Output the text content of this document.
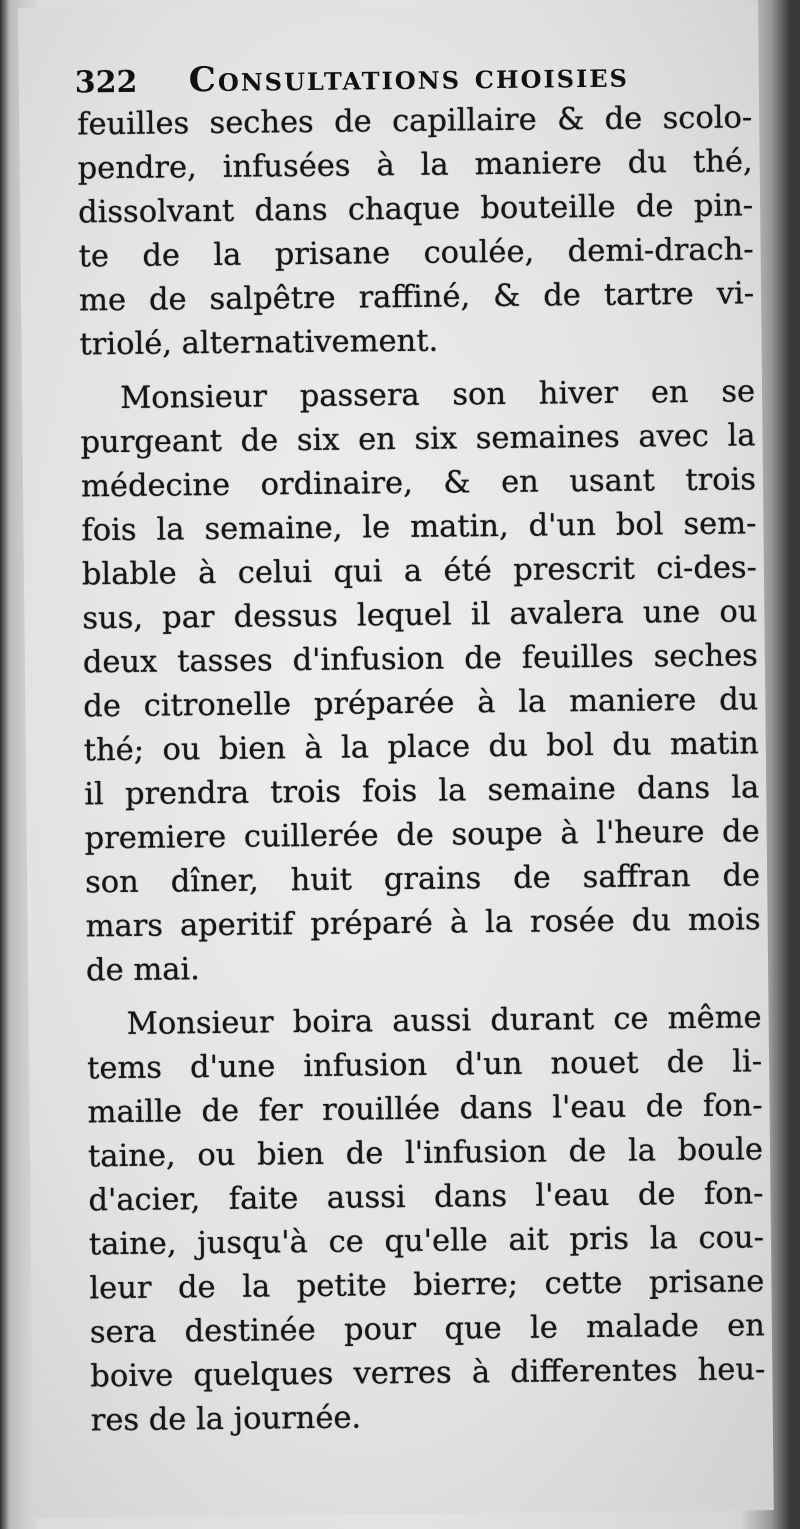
322 Consultations choisies
feuilles seches de capillaire & de scolo-
pendre, infusées à la maniere du thé,
dissolvant dans chaque bouteille de pin-
te de la prisane coulée, demi-drach-
me de salpêtre raffiné, & de tartre vi-
triolé, alternativement.
Monsieur passera son hiver en se
purgeant de six en six semaines avec la
médecine ordinaire, & en usant trois
fois la semaine, le matin, d'un bol sem-
blable à celui qui a été prescrit ci-des-
sus, par dessus lequel il avalera une ou
deux tasses d'infusion de feuilles seches
de citronelle préparée à la maniere du
thé; ou bien à la place du bol du matin
il prendra trois fois la semaine dans la
premiere cuillerée de soupe à l'heure de
son dîner, huit grains de saffran de
mars aperitif préparé à la rosée du mois
de mai.
Monsieur boira aussi durant ce même
tems d'une infusion d'un nouet de li-
maille de fer rouillée dans l'eau de fon-
taine, ou bien de l'infusion de la boule
d'acier, faite aussi dans l'eau de fon-
taine, jusqu'à ce qu'elle ait pris la cou-
leur de la petite bierre; cette prisane
sera destinée pour que le malade en
boive quelques verres à differentes heu-
res de la journée.
